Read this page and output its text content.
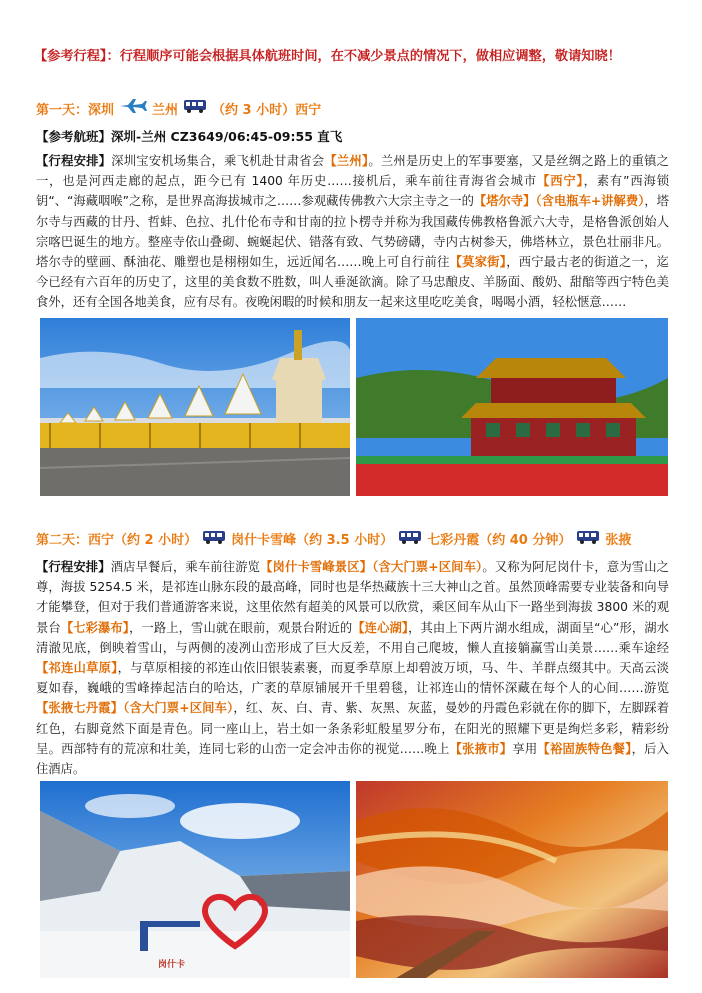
【参考行程】：行程顺序可能会根据具体航班时间，在不减少景点的情况下，做相应调整，敬请知晓！
第一天：深圳	兰州	（约 3 小时）西宁
【参考航班】深圳-兰州 CZ3649/06:45-09:55 直飞
【行程安排】深圳宝安机场集合，乘飞机赴甘肃省会【兰州】。兰州是历史上的军事要塞，又是丝绸之路上的重镇之一，也是河西走廊的起点，距今已有 1400 年历史……接机后，乘车前往青海省会城市【西宁】，素有”西海锁钥“、“海藏咽喉”之称，是世界高海拔城市之……参观藏传佛教六大宗主寺之一的【塔尔寺】（含电瓶车+讲解费），塔尔寺与西藏的甘丹、哲蚌、色拉、扎什伦布寺和甘南的拉卜楞寺并称为我国藏传佛教格鲁派六大寺，是格鲁派创始人宗喀巴诞生的地方。整座寺依山叠砌、蜿蜒起伏、错落有致、气势磅礴，寺内古树参天，佛塔林立，景色壮丽非凡。塔尔寺的壁画、酥油花、雕塑也是栩栩如生，远近闻名……晚上可自行前往【莫家街】，西宁最古老的街道之一，迄今已经有六百年的历史了，这里的美食数不胜数，叫人垂涎欲滴。除了马忠酿皮、羊肠面、酸奶、甜醅等西宁特色美食外，还有全国各地美食，应有尽有。夜晚闲暇的时候和朋友一起来这里吃吃美食，喝喝小酒，轻松惬意……
第二天：西宁（约 2 小时）	岗什卡雪峰（约 3.5 小时）	七彩丹霞（约 40 分钟）	张掖
【行程安排】酒店早餐后，乘车前往游览【岗什卡雪峰景区】（含大门票+区间车）。又称为阿尼岗什卡，意为雪山之尊，海拔 5254.5 米，是祁连山脉东段的最高峰，同时也是华热藏族十三大神山之首。虽然顶峰需要专业装备和向导才能攀登，但对于我们普通游客来说，这里依然有超美的风景可以欣赏，乘区间车从山下一路坐到海拔 3800 米的观景台【七彩瀑布】，一路上，雪山就在眼前，观景台附近的【连心湖】，其由上下两片湖水组成，湖面呈“心”形，湖水清澈见底，倒映着雪山，与两侧的凌冽山峦形成了巨大反差，不用自己爬坡，懒人直接躺赢雪山美景……乘车途经【祁连山草原】，与草原相接的祁连山依旧银装素裹，而夏季草原上却碧波万顷，马、牛、羊群点缀其中。天高云淡夏如春，巍峨的雪峰捧起洁白的哈达，广袤的草原铺展开千里碧毯，让祁连山的情怀深藏在每个人的心间……游览【张掖七丹霞】（含大门票+区间车），红、灰、白、青、紫、灰黑、灰蓝，曼妙的丹霞色彩就在你的脚下，左脚踩着红色，右脚竟然下面是青色。同一座山上，岩土如一条条彩虹般星罗分布，在阳光的照耀下更是绚烂多彩，精彩纷呈。西部特有的荒凉和壮美，连同七彩的山峦一定会冲击你的视觉……晚上【张掖市】享用【裕固族特色餐】，后入住酒店。
岗什卡
